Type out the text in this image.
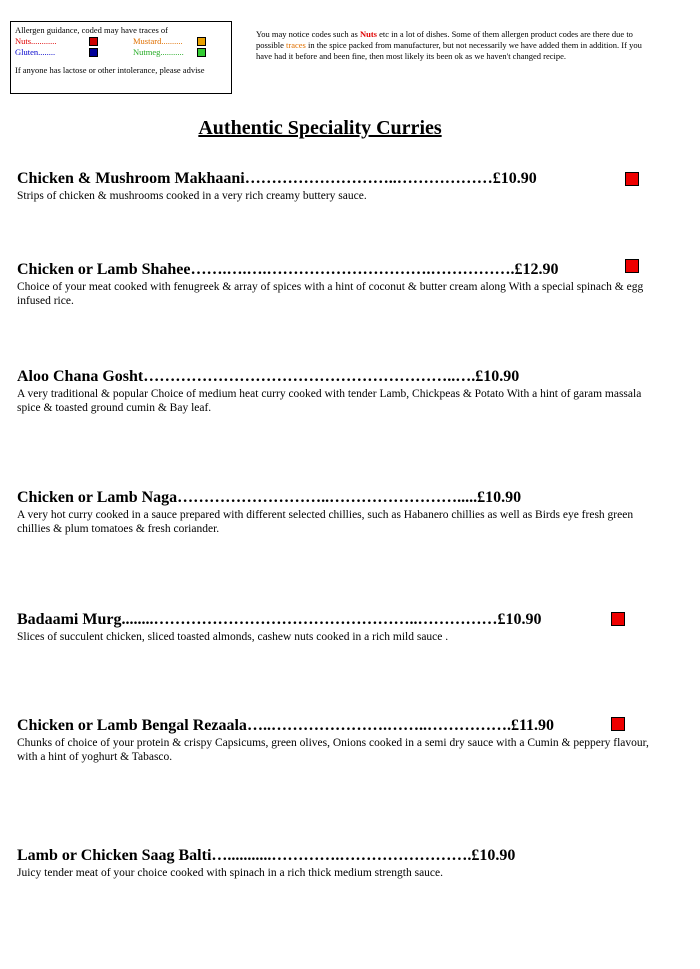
Allergen guidance, coded may have traces of
Nuts............	Mustard..........
Gluten........	Nutmeg...........
If anyone has lactose or other intolerance, please advise
You may notice codes such as Nuts etc in a lot of dishes. Some of them allergen product codes are there due to possible traces in the spice packed from manufacturer, but not necessarily we have added them in addition. If you have had it before and been fine, then most likely its been ok as we haven't changed recipe.
Authentic Speciality Curries
Chicken & Mushroom Makhaani………………………..………………£10.90
Strips of chicken & mushrooms cooked in a very rich creamy buttery sauce.
Chicken or Lamb Shahee…….….….………………………….…………….£12.90
Choice of your meat cooked with fenugreek & array of spices with a hint of coconut & butter cream along With a special spinach & egg infused rice.
Aloo Chana Gosht…………………………………………………..….£10.90
A very traditional & popular Choice of medium heat curry cooked with tender Lamb, Chickpeas & Potato With a hint of garam massala spice & toasted ground cumin & Bay leaf.
Chicken or Lamb Naga………………………..…………………….....£10.90
A very hot curry cooked in a sauce prepared with different selected chillies, such as Habanero chillies as well as Birds eye fresh green chillies & plum tomatoes & fresh coriander.
Badaami Murg........…………………………………………..……………£10.90
Slices of succulent chicken, sliced toasted almonds, cashew nuts cooked in a rich mild sauce .
Chicken or Lamb Bengal Rezaala…..………………….……..…………….£11.90
Chunks of choice of your protein & crispy Capsicums, green olives, Onions cooked in a semi dry sauce with a Cumin & peppery flavour, with a hint of yoghurt & Tabasco.
Lamb or Chicken Saag Balti…...........………….…………………….£10.90
Juicy tender meat of your choice cooked with spinach in a rich thick medium strength sauce.
